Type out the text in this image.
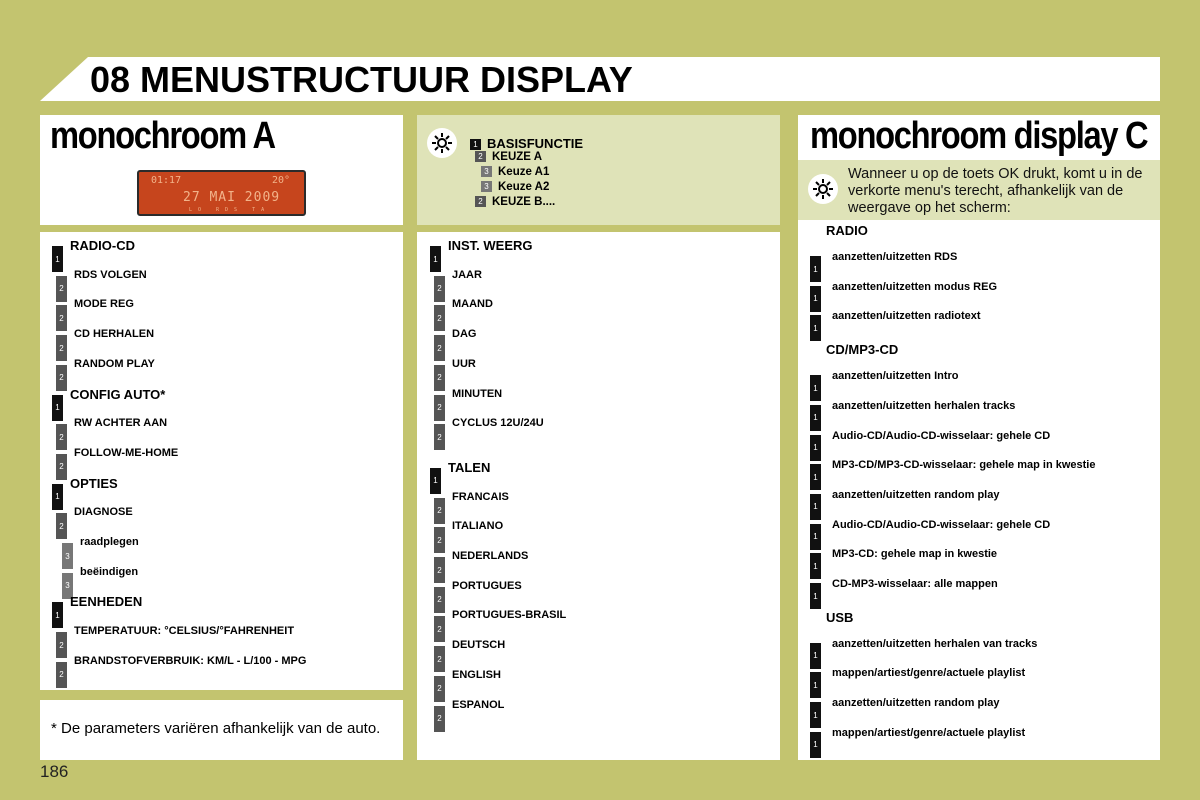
08 MENUSTRUCTUUR DISPLAY
monochroom A
01:17	20°
27 MAI 2009
LO RDS TA
1 BASISFUNCTIE
2 KEUZE A
3 Keuze A1
3 Keuze A2
2 KEUZE B....
1
RADIO-CD
2
RDS VOLGEN
2
MODE REG
2
CD HERHALEN
2
RANDOM PLAY
1
CONFIG AUTO*
2
RW ACHTER AAN
2
FOLLOW-ME-HOME
1
OPTIES
2
DIAGNOSE
3
raadplegen
3
beëindigen
1
EENHEDEN
2
TEMPERATUUR: °CELSIUS/°FAHRENHEIT
2
BRANDSTOFVERBRUIK: KM/L - L/100 - MPG
* De parameters variëren afhankelijk van de auto.
1
INST. WEERG
2
JAAR
2
MAAND
2
DAG
2
UUR
2
MINUTEN
2
CYCLUS 12U/24U
1
TALEN
2
FRANCAIS
2
ITALIANO
2
NEDERLANDS
2
PORTUGUES
2
PORTUGUES-BRASIL
2
DEUTSCH
2
ENGLISH
2
ESPANOL
monochroom display C
Wanneer u op de toets OK drukt, komt u in de verkorte menu's terecht, afhankelijk van de weergave op het scherm:
RADIO
1
aanzetten/uitzetten RDS
1
aanzetten/uitzetten modus REG
1
aanzetten/uitzetten radiotext
CD/MP3-CD
1
aanzetten/uitzetten Intro
1
aanzetten/uitzetten herhalen tracks
1
Audio-CD/Audio-CD-wisselaar: gehele CD
1
MP3-CD/MP3-CD-wisselaar: gehele map in kwestie
1
aanzetten/uitzetten random play
1
Audio-CD/Audio-CD-wisselaar: gehele CD
1
MP3-CD: gehele map in kwestie
1
CD-MP3-wisselaar: alle mappen
USB
1
aanzetten/uitzetten herhalen van tracks
1
mappen/artiest/genre/actuele playlist
1
aanzetten/uitzetten random play
1
mappen/artiest/genre/actuele playlist
186
